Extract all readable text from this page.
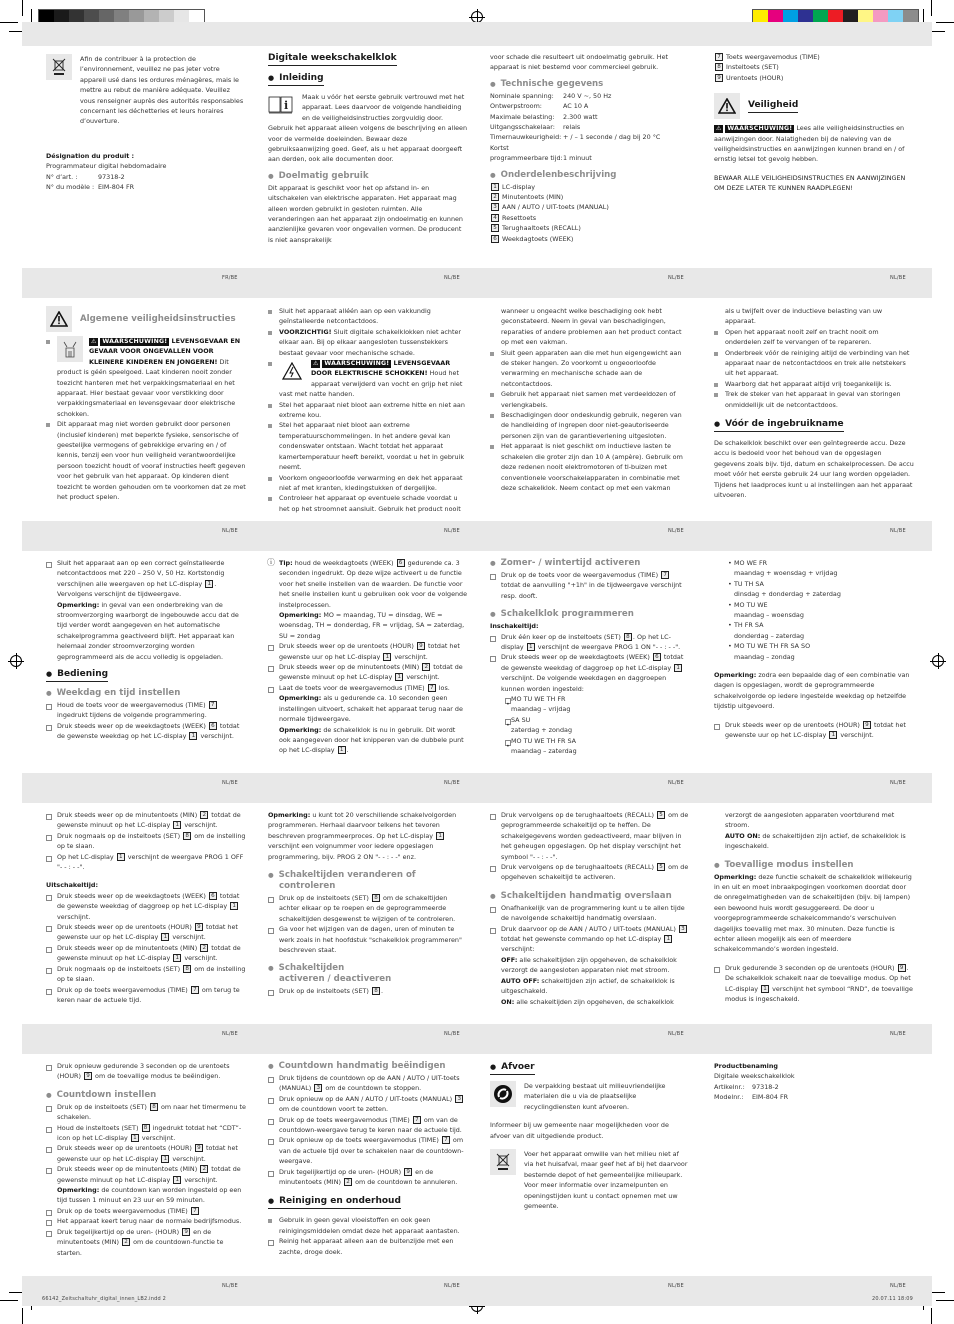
FR/BE	NL/BE	NL/BE	NL/BE
NL/BE	NL/BE	NL/BE	NL/BE
NL/BE	NL/BE	NL/BE	NL/BE
NL/BE	NL/BE	NL/BE	NL/BE
NL/BE	NL/BE	NL/BE	NL/BE
66142_Zeitschaltuhr_digital_innen_LB2.indd 2	20.07.11 18:09

Afin de contribuer à la protection de l’environnement, veuillez ne pas jeter votre appareil usé dans les ordures ménagères, mais le mettre au rebut de manière adéquate. Veuillez vous renseigner auprès des autorités responsables concernant les déchetteries et leurs horaires d’ouverture.

Désignation du produit :

Programmateur digital hebdomadaire

N° d’art. :	97318-2
N° du modèle : EIM-804 FR
Digitale weekschakelklok
● Inleiding
i

Maak u vóór het eerste gebruik vertrouwd met het apparaat. Lees daarvoor de volgende handleiding en de veiligheidsinstructies zorgvuldig door. Gebruik het apparaat alleen volgens de beschrijving en alleen voor de vermelde doeleinden. Bewaar deze gebruiksaanwijzing goed. Geef, als u het apparaat doorgeeft aan derden, ook alle documenten door.

● Doelmatig gebruik

Dit apparaat is geschikt voor het op afstand in- en uitschakelen van elektrische apparaten. Het apparaat mag alleen worden gebruikt in gesloten ruimten. Alle veranderingen aan het apparaat zijn ondoelmatig en kunnen aanzienlijke gevaren voor ongevallen vormen. De producent is niet aansprakelijk

voor schade die resulteert uit ondoelmatig gebruik. Het apparaat is niet bestemd voor commercieel gebruik.

● Technische gegevens
Nominale spanning:	240 V ~, 50 Hz
Ontwerpstroom:	AC 10 A
Maximale belasting:	2.300 watt
Uitgangsschakelaar:	relais
Timernauwkeurigheid: + / – 1 seconde / dag bij 20 °C
Kortst
programmeerbare tijd: 1 minuut
● Onderdelenbeschrijving

1 LC-display

2 Minutentoets (MIN)

3 AAN / AUTO / UIT-toets (MANUAL)

4 Resettoets

5 Terughaaltoets (RECALL)

6 Weekdagtoets (WEEK)

7 Toets weergavemodus (TIME)

8 Insteltoets (SET)

9 Urentoets (HOUR)

Veiligheid

⚠ WAARSCHUWING! Lees alle veiligheidsinstructies en aanwijzingen door. Nalatigheden bij de naleving van de veiligheidsinstructies en aanwijzingen kunnen brand en / of ernstig letsel tot gevolg hebben.

BEWAAR ALLE VEILIGHEIDSINSTRUCTIES EN AANWIJZINGEN OM DEZE LATER TE KUNNEN RAADPLEGEN!

Algemene veiligheidsinstructies
⚠ WAARSCHUWING! LEVENSGEVAAR EN GEVAAR VOOR ONGEVALLEN VOOR KLEINERE KINDEREN EN JONGEREN! Dit product is géén speelgoed. Laat kinderen nooit zonder toezicht hanteren met het verpakkingsmateriaal en het apparaat. Hier bestaat gevaar voor verstikking door verpakkingsmateriaal en levensgevaar door elektrische schokken.
Dit apparaat mag niet worden gebruikt door personen (inclusief kinderen) met beperkte fysieke, sensorische of geestelijke vermogens of gebrekkige ervaring en / of kennis, tenzij een voor hun veiligheid verantwoordelijke persoon toezicht houdt of vooraf instructies heeft gegeven voor het gebruik van het apparaat. Op kinderen dient toezicht te worden gehouden om te voorkomen dat ze met het product spelen.
Sluit het apparaat alléén aan op een vakkundig geïnstalleerde netcontactdoos.
VOORZICHTIG! Sluit digitale schakelklokken niet achter elkaar aan. Bij op elkaar aangesloten tussenstekkers bestaat gevaar voor mechanische schade.
⚠ WAARSCHUWING! LEVENSGEVAAR DOOR ELEKTRISCHE SCHOKKEN! Houd het apparaat verwijderd van vocht en grijp het niet vast met natte handen.
Stel het apparaat niet bloot aan extreme hitte en niet aan extreme kou.
Stel het apparaat niet bloot aan extreme temperatuurschommelingen. In het andere geval kan condenswater ontstaan. Wacht totdat het apparaat kamertemperatuur heeft bereikt, voordat u het in gebruik neemt.
Voorkom ongeoorloofde verwarming en dek het apparaat niet af met kranten, kledingstukken of dergelijke.
Controleer het apparaat op eventuele schade voordat u het op het stroomnet aansluit. Gebruik het product nooit

wanneer u ongeacht welke beschadiging ook hebt geconstateerd. Neem in geval van beschadigingen, reparaties of andere problemen aan het product contact op met een vakman.

Sluit geen apparaten aan die met hun eigengewicht aan de steker hangen. Zo voorkomt u ongeoorloofde verwarming en mechanische schade aan de netcontactdoos.
Gebruik het apparaat niet samen met verdeeldozen of verlengkabels.
Beschadigingen door ondeskundig gebruik, negeren van de handleiding of ingrepen door niet-geautoriseerde personen zijn van de garantieverlening uitgesloten.
Het apparaat is niet geschikt om inductieve lasten te schakelen die groter zijn dan 10 A (ampère). Gebruik om deze redenen nooit elektromotoren of tl-buizen met conventionele voorschakelapparaten in combinatie met deze schakelklok. Neem contact op met een vakman

als u twijfelt over de inductieve belasting van uw apparaat.

Open het apparaat nooit zelf en tracht nooit om onderdelen zelf te vervangen of te repareren.
Onderbreek vóór de reiniging altijd de verbinding van het apparaat naar de netcontactdoos en trek alle netstekers uit het apparaat.
Waarborg dat het apparaat altijd vrij toegankelijk is.
Trek de steker van het apparaat in geval van storingen onmiddellijk uit de netcontactdoos.
● Vóór de ingebruikname

De schakelklok beschikt over een geïntegreerde accu. Deze accu is bedoeld voor het behoud van de opgeslagen gegevens zoals bijv. tijd, datum en schakelprocessen. De accu moet vóór het eerste gebruik 24 uur lang worden opgeladen. Tijdens het laadproces kunt u al instellingen aan het apparaat uitvoeren.

Sluit het apparaat aan op een correct geïnstalleerde netcontactdoos met 220 – 250 V, 50 Hz. Kortstondig verschijnen alle weergaven op het LC-display 1 . Vervolgens verschijnt de tijdweergave.
Opmerking: in geval van een onderbreking van de stroomverzorging waarborgt de ingebouwde accu dat de tijd verder wordt aangegeven en het automatische schakelprogramma geactiveerd blijft. Het apparaat kan helemaal zonder stroomverzorging worden geprogrammeerd als de accu volledig is opgeladen.
● Bediening
● Weekdag en tijd instellen
Houd de toets voor de weergavemodus (TIME) 7 ingedrukt tijdens de volgende programmering.
Druk steeds weer op de weekdagtoets (WEEK) 6 totdat de gewenste weekdag op het LC-display 1 verschijnt.
ⓘ Tip: houd de weekdagtoets (WEEK) 6 gedurende ca. 3 seconden ingedrukt. Op deze wijze activeert u de functie voor het snelle instellen van de waarden. De functie voor het snelle instellen kunt u gebruiken ook voor de volgende instelprocessen.
Opmerking: MO = maandag, TU = dinsdag, WE = woensdag, TH = donderdag, FR = vrijdag, SA = zaterdag, SU = zondag
Druk steeds weer op de urentoets (HOUR) 9 totdat het gewenste uur op het LC-display 1 verschijnt.
Druk steeds weer op de minutentoets (MIN) 2 totdat de gewenste minuut op het LC-display 1 verschijnt.
Laat de toets voor de weergavemodus (TIME) 7 los.
Opmerking: als u gedurende ca. 10 seconden geen instellingen uitvoert, schakelt het apparaat terug naar de normale tijdweergave.
Opmerking: de schakelklok is nu in gebruik. Dit wordt ook aangegeven door het knipperen van de dubbele punt op het LC-display 1 .
● Zomer- / wintertijd activeren
Druk op de toets voor de weergavemodus (TIME) 7 totdat de aanvulling "+1h" in de tijdweergave verschijnt resp. dooft.
● Schakelklok programmeren

Inschakeltijd:

Druk één keer op de insteltoets (SET) 8 . Op het LC-display 1 verschijnt de weergave PROG 1 ON "- - : - -".
Druk steeds weer op de weekdagtoets (WEEK) 6 totdat de gewenste weekdag of daggroep op het LC-display 1 verschijnt. De volgende weekdagen en daggroepen kunnen worden ingesteld:
• MO TU WE TH FR
maandag – vrijdag
• SA SU
zaterdag + zondag
• MO TU WE TH FR SA
maandag – zaterdag
• MO WE FR
maandag + woensdag + vrijdag
• TU TH SA
dinsdag + donderdag + zaterdag
• MO TU WE
maandag – woensdag
• TH FR SA
donderdag – zaterdag
• MO TU WE TH FR SA SO
maandag – zondag

Opmerking: zodra een bepaalde dag of een combinatie van dagen is opgeslagen, wordt de geprogrammeerde schakelvolgorde op iedere ingestelde weekdag op hetzelfde tijdstip uitgevoerd.

Druk steeds weer op de urentoets (HOUR) 9 totdat het gewenste uur op het LC-display 1 verschijnt.
Druk steeds weer op de minutentoets (MIN) 2 totdat de gewenste minuut op het LC-display 1 verschijnt.
Druk nogmaals op de insteltoets (SET) 8 om de instelling op te slaan.
Op het LC-display 1 verschijnt de weergave PROG 1 OFF "- - : - -".

Uitschakeltijd:

Druk steeds weer op de weekdagtoets (WEEK) 6 totdat de gewenste weekdag of daggroep op het LC-display 1 verschijnt.
Druk steeds weer op de urentoets (HOUR) 9 totdat het gewenste uur op het LC-display 1 verschijnt.
Druk steeds weer op de minutentoets (MIN) 2 totdat de gewenste minuut op het LC-display 1 verschijnt.
Druk nogmaals op de insteltoets (SET) 8 om de instelling op te slaan.
Druk op de toets weergavemodus (TIME) 7 om terug te keren naar de actuele tijd.

Opmerking: u kunt tot 20 verschillende schakelvolgorden programmeren. Herhaal daarvoor telkens het tevoren beschreven programmeerproces. Op het LC-display 1 verschijnt een volgnummer voor iedere opgeslagen programmering, bijv. PROG 2 ON "- - : - -" enz.

● Schakeltijden veranderen of
controleren
Druk op de insteltoets (SET) 8 om de schakeltijden achter elkaar op te roepen en de geprogrammeerde schakeltijden desgewenst te wijzigen of te controleren.
Ga voor het wijzigen van de dagen, uren of minuten te werk zoals in het hoofdstuk "schakelklok programmeren" beschreven staat.
● Schakeltijden
activeren / deactiveren
Druk op de insteltoets (SET) 8 .
Druk vervolgens op de terughaaltoets (RECALL) 5 om de geprogrammeerde schakeltijd op te heffen. De schakelgegevens worden gedeactiveerd, maar blijven in het geheugen opgeslagen. Op het display verschijnt het symbool "- - : - -".
Druk vervolgens op de terughaaltoets (RECALL) 5 om de opgeheven schakeltijd te activeren.
● Schakeltijden handmatig overslaan
Onafhankelijk van de programmering kunt u te allen tijde de navolgende schakeltijd handmatig overslaan.
Druk daarvoor op de AAN / AUTO / UIT-toets (MANUAL) 3 totdat het gewenste commando op het LC-display 1 verschijnt:
OFF: alle schakeltijden zijn opgeheven, de schakelklok verzorgt de aangesloten apparaten niet met stroom.
AUTO OFF: schakeltijden zijn actief, de schakelklok is uitgeschakeld.
ON: alle schakeltijden zijn opgeheven, de schakelklok

verzorgt de aangesloten apparaten voortdurend met stroom.

AUTO ON: de schakeltijden zijn actief, de schakelklok is ingeschakeld.

● Toevallige modus instellen

Opmerking: deze functie schakelt de schakelklok willekeurig in en uit en moet inbraakpogingen voorkomen doordat door de onregelmatigheden van de schakeltijden (bijv. bij lampen) een bewoond huis wordt gesuggereerd. De door u voorgeprogrammeerde schakelcommando’s verschuiven dagelijks toevallig met max. 30 minuten. Deze functie is echter alleen mogelijk als een of meerdere schakelcommando’s worden ingesteld.

Druk gedurende 3 seconden op de urentoets (HOUR) 9 . De schakelklok schakelt naar de toevallige modus. Op het LC-display 1 verschijnt het symbool “RND”, de toevallige modus is ingeschakeld.
Druk opnieuw gedurende 3 seconden op de urentoets (HOUR) 9 om de toevallige modus te beëindigen.
● Countdown instellen
Druk op de insteltoets (SET) 8 om naar het timermenu te schakelen.
Houd de insteltoets (SET) 8 ingedrukt totdat het “CDT”-icon op het LC-display 1 verschijnt.
Druk steeds weer op de urentoets (HOUR) 9 totdat het gewenste uur op het LC-display 1 verschijnt.
Druk steeds weer op de minutentoets (MIN) 2 totdat de gewenste minuut op het LC-display 1 verschijnt.
Opmerking: de countdown kan worden ingesteld op een tijd tussen 1 minuut en 23 uur en 59 minuten.
Druk op de toets weergavemodus (TIME) 7
Het apparaat keert terug naar de normale bedrijfsmodus.
Druk tegelijkertijd op de uren- (HOUR) 9 en de minutentoets (MIN) 2 om de countdown-functie te starten.
● Countdown handmatig beëindigen
Druk tijdens de countdown op de AAN / AUTO / UIT-toets (MANUAL) 3 om de countdown te stoppen.
Druk opnieuw op de AAN / AUTO / UIT-toets (MANUAL) 3 om de countdown voort te zetten.
Druk op de toets weergavemodus (TIME) 7 om van de countdown-weergave terug te keren naar de actuele tijd.
Druk opnieuw op de toets weergavemodus (TIME) 7 om van de actuele tijd over te schakelen naar de countdown-weergave.
Druk tegelijkertijd op de uren- (HOUR) 9 en de minutentoets (MIN) 2 om de countdown te annuleren.
● Reiniging en onderhoud
Gebruik in geen geval vloeistoffen en ook geen reinigingsmiddelen omdat deze het apparaat aantasten.
Reinig het apparaat alleen aan de buitenzijde met een zachte, droge doek.
● Afvoer

De verpakking bestaat uit milieuvriendelijke materialen die u via de plaatselijke recyclingdiensten kunt afvoeren.

Informeer bij uw gemeente naar mogelijkheden voor de afvoer van dit uitgediende product.

Voer het apparaat omwille van het milieu niet af via het huisafval, maar geef het af bij het daarvoor bestemde depot of het gemeentelijke milieupark. Voor meer informatie over inzamelpunten en openingstijden kunt u contact opnemen met uw gemeente.

Productbenaming

Digitale weekschakelklok

Artikelnr.:	97318-2
Modelnr.:	EIM-804 FR
